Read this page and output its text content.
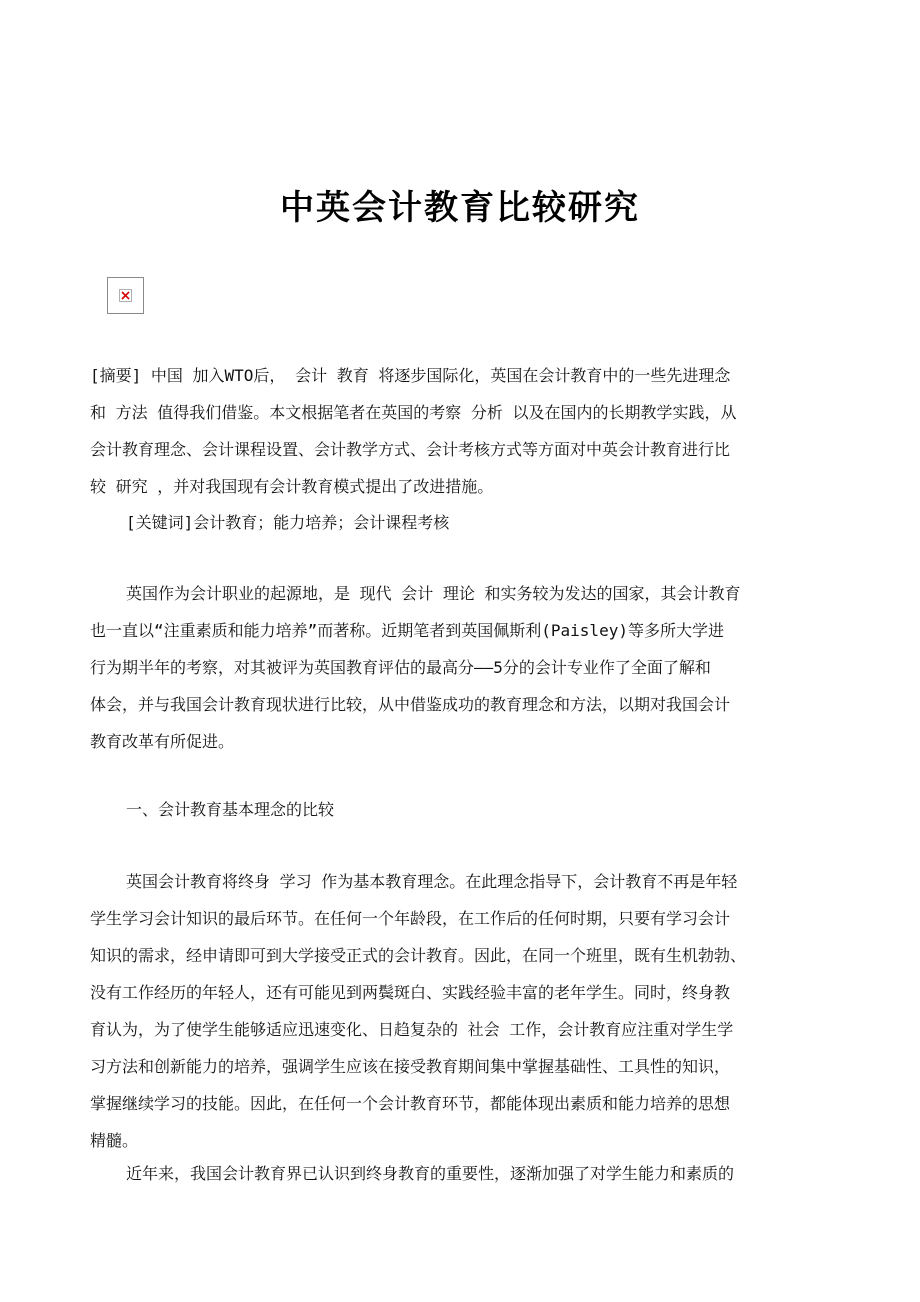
中英会计教育比较研究
[摘要] 中国 加入WTO后， 会计 教育 将逐步国际化，英国在会计教育中的一些先进理念
和 方法 值得我们借鉴。本文根据笔者在英国的考察 分析 以及在国内的长期教学实践，从
会计教育理念、会计课程设置、会计教学方式、会计考核方式等方面对中英会计教育进行比
较 研究 ，并对我国现有会计教育模式提出了改进措施。
[关键词]会计教育；能力培养；会计课程考核
英国作为会计职业的起源地，是 现代 会计 理论 和实务较为发达的国家，其会计教育
也一直以“注重素质和能力培养”而著称。近期笔者到英国佩斯利(Paisley)等多所大学进
行为期半年的考察，对其被评为英国教育评估的最高分——5分的会计专业作了全面了解和
体会，并与我国会计教育现状进行比较，从中借鉴成功的教育理念和方法，以期对我国会计
教育改革有所促进。
一、会计教育基本理念的比较
英国会计教育将终身 学习 作为基本教育理念。在此理念指导下，会计教育不再是年轻
学生学习会计知识的最后环节。在任何一个年龄段，在工作后的任何时期，只要有学习会计
知识的需求，经申请即可到大学接受正式的会计教育。因此，在同一个班里，既有生机勃勃、
没有工作经历的年轻人，还有可能见到两鬓斑白、实践经验丰富的老年学生。同时，终身教
育认为，为了使学生能够适应迅速变化、日趋复杂的 社会 工作，会计教育应注重对学生学
习方法和创新能力的培养，强调学生应该在接受教育期间集中掌握基础性、工具性的知识，
掌握继续学习的技能。因此，在任何一个会计教育环节，都能体现出素质和能力培养的思想
精髓。
近年来，我国会计教育界已认识到终身教育的重要性，逐渐加强了对学生能力和素质的
